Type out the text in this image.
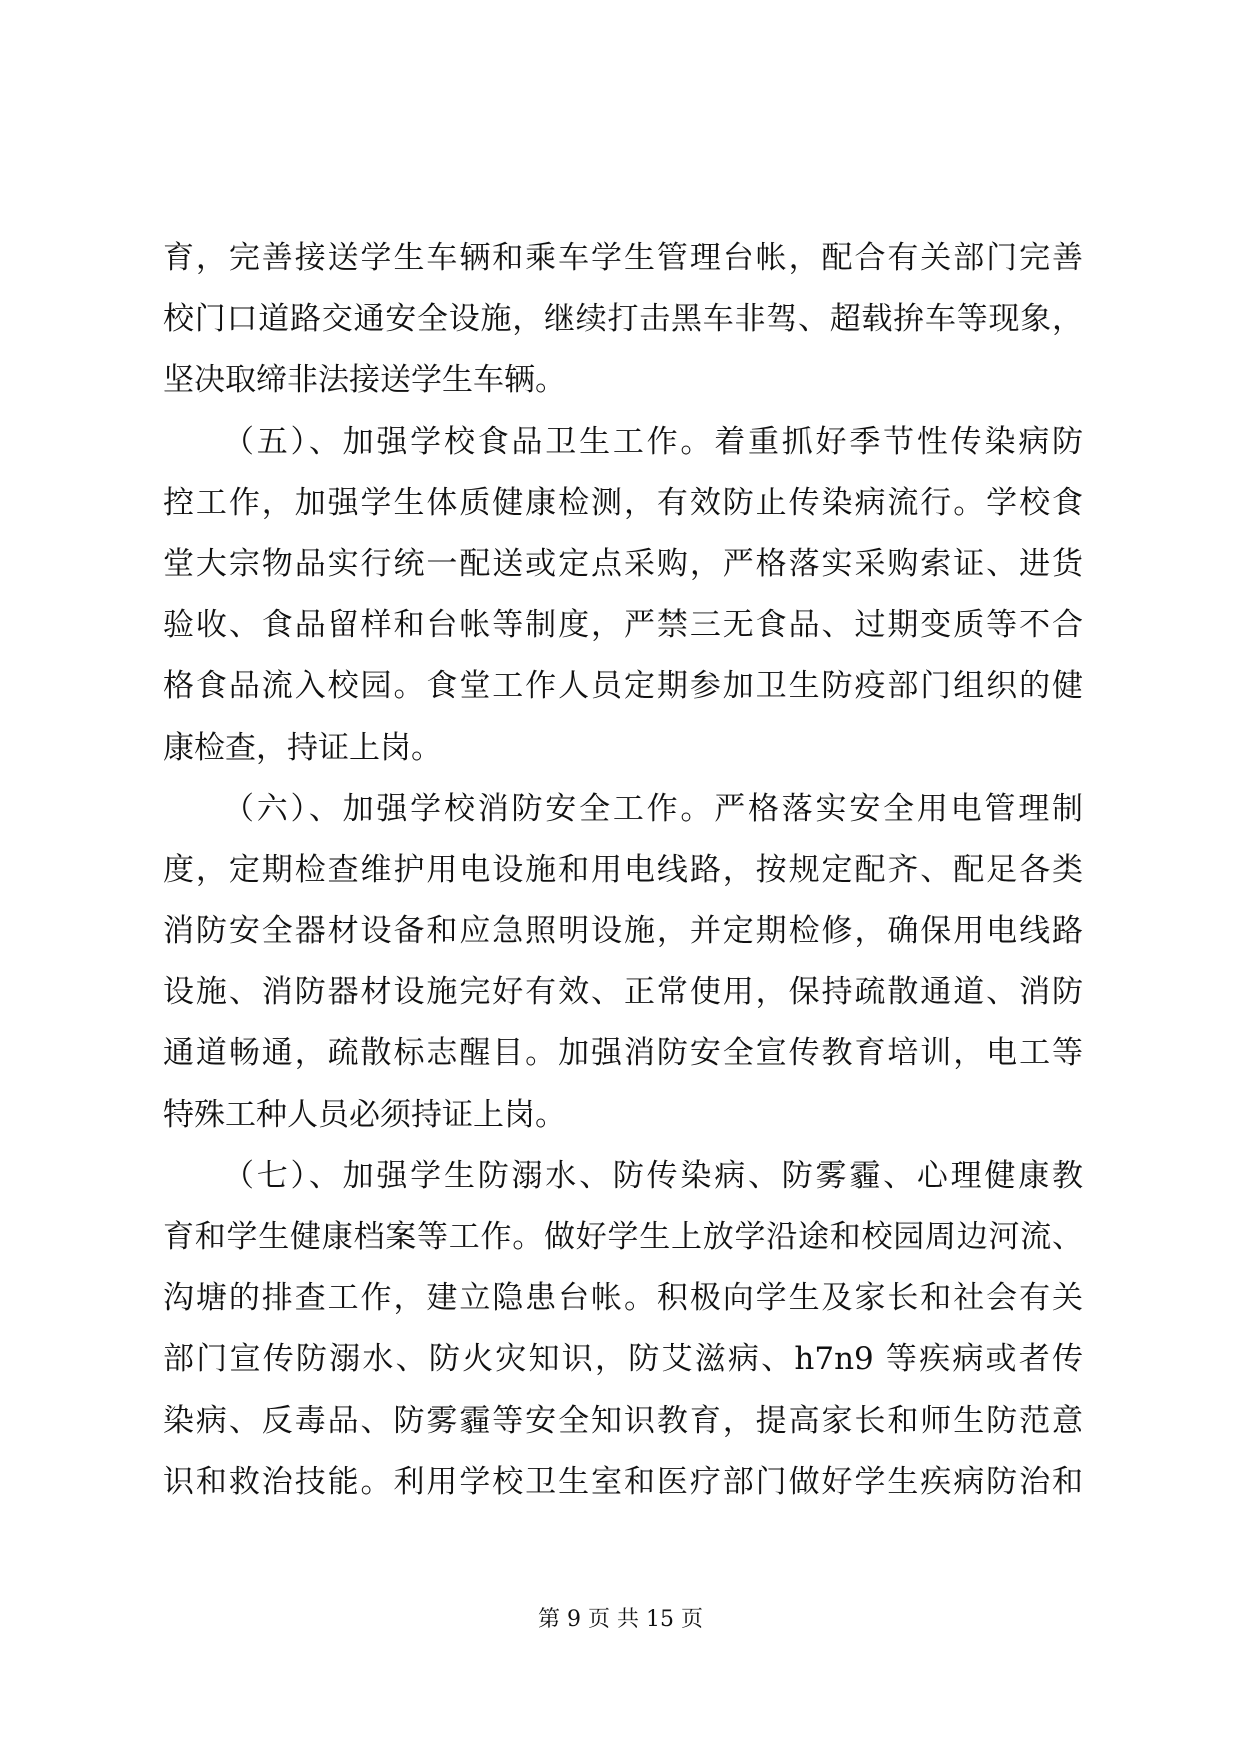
育，完善接送学生车辆和乘车学生管理台帐，配合有关部门完善
校门口道路交通安全设施，继续打击黑车非驾、超载拚车等现象，
坚决取缔非法接送学生车辆。
（五）、加强学校食品卫生工作。着重抓好季节性传染病防
控工作，加强学生体质健康检测，有效防止传染病流行。学校食
堂大宗物品实行统一配送或定点采购，严格落实采购索证、进货
验收、食品留样和台帐等制度，严禁三无食品、过期变质等不合
格食品流入校园。食堂工作人员定期参加卫生防疫部门组织的健
康检查，持证上岗。
（六）、加强学校消防安全工作。严格落实安全用电管理制
度，定期检查维护用电设施和用电线路，按规定配齐、配足各类
消防安全器材设备和应急照明设施，并定期检修，确保用电线路
设施、消防器材设施完好有效、正常使用，保持疏散通道、消防
通道畅通，疏散标志醒目。加强消防安全宣传教育培训，电工等
特殊工种人员必须持证上岗。
（七）、加强学生防溺水、防传染病、防雾霾、心理健康教
育和学生健康档案等工作。做好学生上放学沿途和校园周边河流、
沟塘的排查工作，建立隐患台帐。积极向学生及家长和社会有关
部门宣传防溺水、防火灾知识，防艾滋病、h7n9 等疾病或者传
染病、反毒品、防雾霾等安全知识教育，提高家长和师生防范意
识和救治技能。利用学校卫生室和医疗部门做好学生疾病防治和
第 9 页 共 15 页
